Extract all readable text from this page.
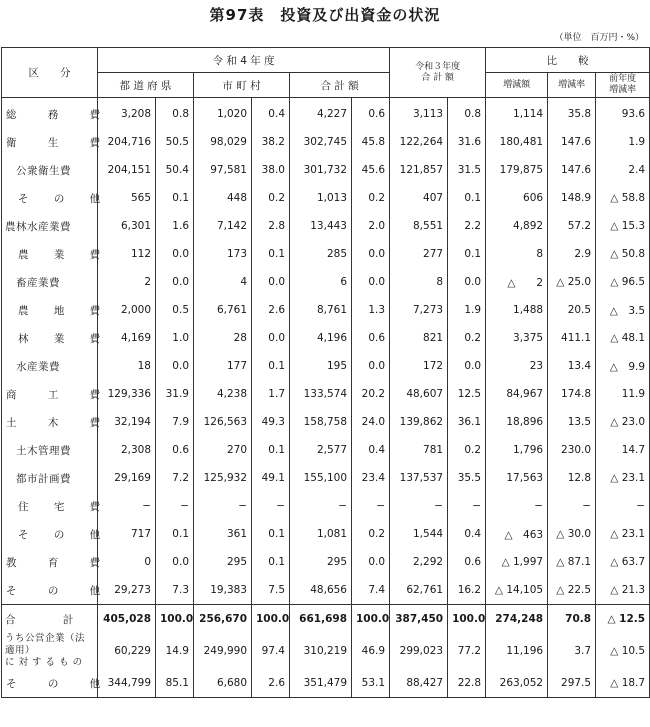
第97表　投資及び出資金の状況
（単位　百万円・%）
区　　分	令 和 4 年 度						令和３年度
合 計 額		比　　較		
	都 道 府 県		市 町 村		合 計 額				増減額	増減率	前年度
増減率
総 務 費	3,208	0.8	1,020	0.4	4,227	0.6	3,113	0.8	1,114	35.8	93.6
衛 生 費	204,716	50.5	98,029	38.2	302,745	45.8	122,264	31.6	180,481	147.6	1.9
公衆衛生費	204,151	50.4	97,581	38.0	301,732	45.6	121,857	31.5	179,875	147.6	2.4
そ の 他	565	0.1	448	0.2	1,013	0.2	407	0.1	606	148.9	△ 58.8
農林水産業費	6,301	1.6	7,142	2.8	13,443	2.0	8,551	2.2	4,892	57.2	△ 15.3
農 業 費	112	0.0	173	0.1	285	0.0	277	0.1	8	2.9	△ 50.8
畜産業費	2	0.0	4	0.0	6	0.0	8	0.0	△　　2	△ 25.0	△ 96.5
農 地 費	2,000	0.5	6,761	2.6	8,761	1.3	7,273	1.9	1,488	20.5	△　3.5
林 業 費	4,169	1.0	28	0.0	4,196	0.6	821	0.2	3,375	411.1	△ 48.1
水産業費	18	0.0	177	0.1	195	0.0	172	0.0	23	13.4	△　9.9
商 工 費	129,336	31.9	4,238	1.7	133,574	20.2	48,607	12.5	84,967	174.8	11.9
土 木 費	32,194	7.9	126,563	49.3	158,758	24.0	139,862	36.1	18,896	13.5	△ 23.0
土木管理費	2,308	0.6	270	0.1	2,577	0.4	781	0.2	1,796	230.0	14.7
都市計画費	29,169	7.2	125,932	49.1	155,100	23.4	137,537	35.5	17,563	12.8	△ 23.1
住 宅 費	−	−	−	−	−	−	−	−	−	−	−
そ の 他	717	0.1	361	0.1	1,081	0.2	1,544	0.4	△　463	△ 30.0	△ 23.1
教 育 費	0	0.0	295	0.1	295	0.0	2,292	0.6	△ 1,997	△ 87.1	△ 63.7
そ の 他	29,273	7.3	19,383	7.5	48,656	7.4	62,761	16.2	△ 14,105	△ 22.5	△ 21.3
合 計	405,028	100.0	256,670	100.0	661,698	100.0	387,450	100.0	274,248	70.8	△ 12.5
うち公営企業（法適用）
に 対 す る も の	60,229	14.9	249,990	97.4	310,219	46.9	299,023	77.2	11,196	3.7	△ 10.5
そ の 他	344,799	85.1	6,680	2.6	351,479	53.1	88,427	22.8	263,052	297.5	△ 18.7
